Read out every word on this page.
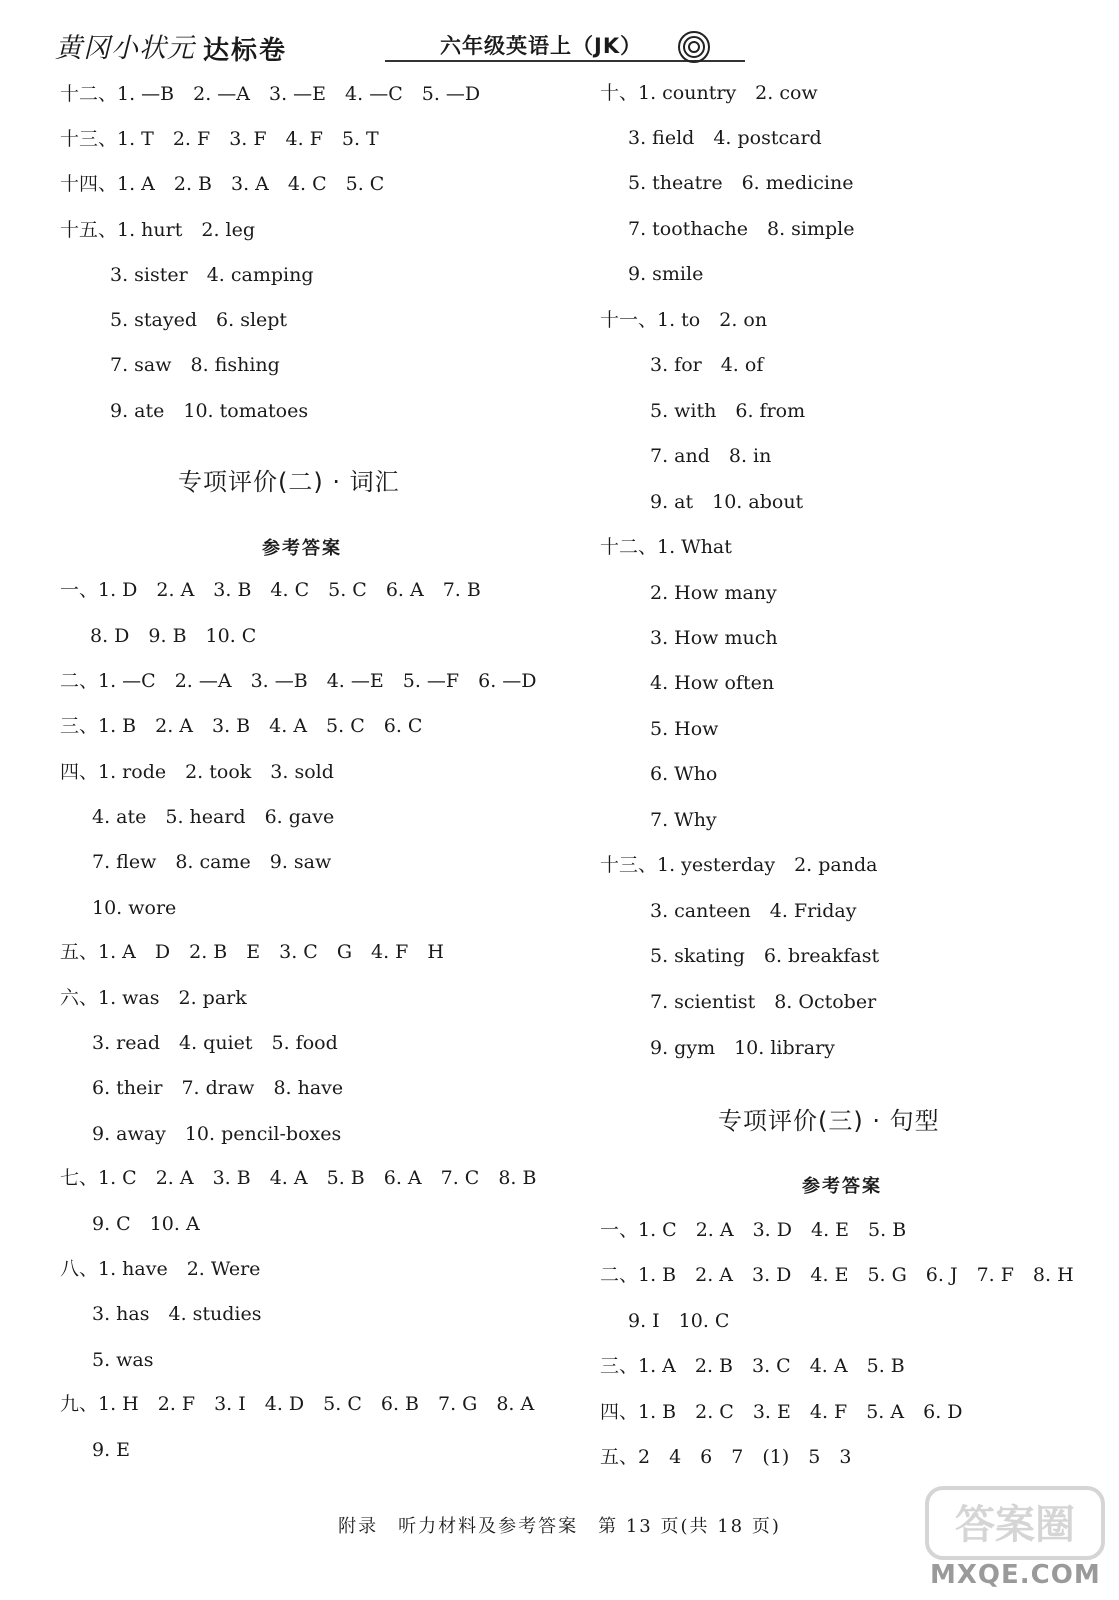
黄冈小状元 达标卷	六年级英语上（JK）
十二、1. —B　2. —A　3. —E　4. —C　5. —D
十三、1. T　2. F　3. F　4. F　5. T
十四、1. A　2. B　3. A　4. C　5. C
十五、1. hurt　2. leg
3. sister　4. camping
5. stayed　6. slept
7. saw　8. fishing
9. ate　10. tomatoes
专项评价(二) · 词汇
参考答案
一、1. D　2. A　3. B　4. C　5. C　6. A　7. B
8. D　9. B　10. C
二、1. —C　2. —A　3. —B　4. —E　5. —F　6. —D
三、1. B　2. A　3. B　4. A　5. C　6. C
四、1. rode　2. took　3. sold
4. ate　5. heard　6. gave
7. flew　8. came　9. saw
10. wore
五、1. A　D　2. B　E　3. C　G　4. F　H
六、1. was　2. park
3. read　4. quiet　5. food
6. their　7. draw　8. have
9. away　10. pencil-boxes
七、1. C　2. A　3. B　4. A　5. B　6. A　7. C　8. B
9. C　10. A
八、1. have　2. Were
3. has　4. studies
5. was
九、1. H　2. F　3. I　4. D　5. C　6. B　7. G　8. A
9. E
十、1. country　2. cow
3. field　4. postcard
5. theatre　6. medicine
7. toothache　8. simple
9. smile
十一、1. to　2. on
3. for　4. of
5. with　6. from
7. and　8. in
9. at　10. about
十二、1. What
2. How many
3. How much
4. How often
5. How
6. Who
7. Why
十三、1. yesterday　2. panda
3. canteen　4. Friday
5. skating　6. breakfast
7. scientist　8. October
9. gym　10. library
专项评价(三) · 句型
参考答案
一、1. C　2. A　3. D　4. E　5. B
二、1. B　2. A　3. D　4. E　5. G　6. J　7. F　8. H
9. I　10. C
三、1. A　2. B　3. C　4. A　5. B
四、1. B　2. C　3. E　4. F　5. A　6. D
五、2　4　6　7　(1)　5　3
附录　听力材料及参考答案　第 13 页(共 18 页)	答案圈
MXQE.COM
